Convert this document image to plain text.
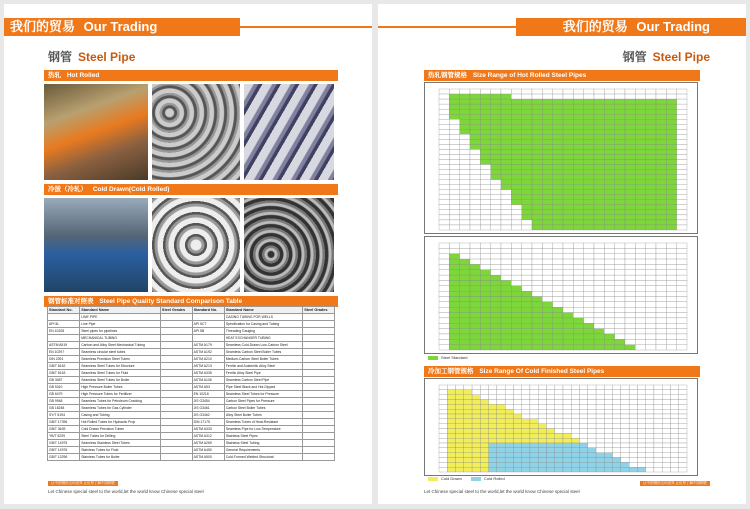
我们的贸易 Our Trading
钢管 Steel Pipe
热轧 Hot Rolled
冷拔（冷轧） Cold Drawn(Cold Rolled)
钢管标准对照表 Steel Pipe Quality Standard Comparison Table
Standard No.	Standard Name	Steel Grades	Standard No.	Standard Name	Steel Grades
	LINE PIPE			CASING TUBING FOR WELLS	
API 5L	Line Pipe		API 5CT	Specification for Casing and Tubing	
EN 10208	Steel pipes for pipelines		API 5B	Threading Gauging	
	MECHANICAL TUBING			HEAT EXCHANGER TUBING	
ASTM A519	Carbon and Alloy Steel Mechanical Tubing		ASTM A179	Seamless Cold-Drawn Low-Carbon Steel	
EN 10297	Seamless circular steel tubes		ASTM A192	Seamless Carbon Steel Boiler Tubes	
DIN 2391	Seamless Precision Steel Tubes		ASTM A210	Medium-Carbon Steel Boiler Tubes	
GB/T 8162	Seamless Steel Tubes for Structure		ASTM A213	Ferritic and Austenitic Alloy Steel	
GB/T 8163	Seamless Steel Tubes for Fluid		ASTM A335	Ferritic Alloy Steel Pipe	
GB 3087	Seamless Steel Tubes for Boiler		ASTM A106	Seamless Carbon Steel Pipe	
GB 5310	High Pressure Boiler Tubes		ASTM A53	Pipe Steel Black and Hot-Dipped	
GB 6479	High Pressure Tubes for Fertilizer		EN 10216	Seamless Steel Tubes for Pressure	
GB 9948	Seamless Tubes for Petroleum Cracking		JIS G3454	Carbon Steel Pipes for Pressure	
GB 18248	Seamless Tubes for Gas Cylinder		JIS G3461	Carbon Steel Boiler Tubes	
SY/T 6194	Casing and Tubing		JIS G3462	Alloy Steel Boiler Tubes	
GB/T 17396	Hot Rolled Tubes for Hydraulic Prop		DIN 17175	Seamless Tubes of Heat-Resistant	
GB/T 3639	Cold Drawn Precision Tubes		ASTM A333	Seamless Pipe for Low-Temperature	
YB/T 5209	Steel Tubes for Drilling		ASTM A312	Stainless Steel Pipes	
GB/T 14975	Seamless Stainless Steel Tubes		ASTM A269	Stainless Steel Tubing	
GB/T 14976	Stainless Tubes for Fluid		ASTM A450	General Requirements	
GB/T 13296	Stainless Tubes for Boiler		ASTM A500	Cold-Formed Welded Structural	
让中国钢铁走向世界 让世界了解中国钢铁
Let Chinese special steel to the world,let the world know Chinese special steel
我们的贸易 Our Trading
钢管 Steel Pipe
热轧钢管规格 Size Range of Hot Rolled Steel Pipes
Steel Standard
冷加工钢管规格 Size Range Of Cold Finished Steel Pipes
Cold Drawn	Cold Rolled
让中国钢铁走向世界 让世界了解中国钢铁
Let Chinese special steel to the world,let the world know Chinese special steel
